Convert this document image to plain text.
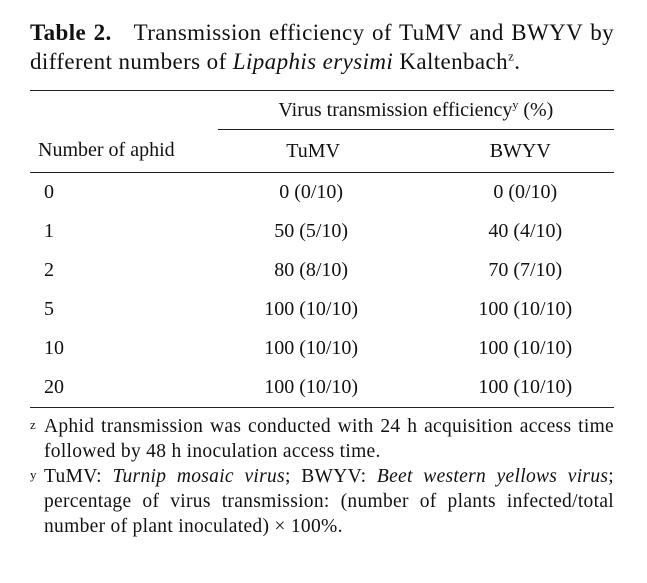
Table 2. Transmission efficiency of TuMV and BWYV by different numbers of Lipaphis erysimi Kaltenbach$^z$.
	Virus transmission efficiency$^y$ (%)	
Number of aphid	TuMV	BWYV
0	0 (0/10)	0 (0/10)
1	50 (5/10)	40 (4/10)
2	80 (8/10)	70 (7/10)
5	100 (10/10)	100 (10/10)
10	100 (10/10)	100 (10/10)
20	100 (10/10)	100 (10/10)
z Aphid transmission was conducted with 24 h acquisition access time followed by 48 h inoculation access time.
y TuMV: Turnip mosaic virus; BWYV: Beet western yellows virus; percentage of virus transmission: (number of plants infected/total number of plant inoculated) × 100%.
